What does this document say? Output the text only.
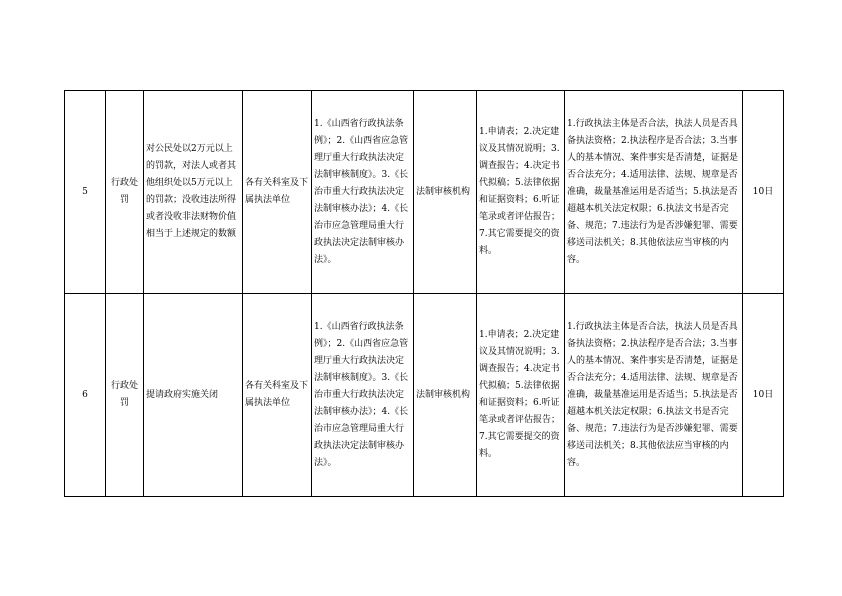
5	行政处罚	对公民处以2万元以上的罚款，对法人或者其他组织处以5万元以上的罚款；没收违法所得或者没收非法财物价值相当于上述规定的数额	各有关科室及下属执法单位	1.《山西省行政执法条例》；2.《山西省应急管理厅重大行政执法决定法制审核制度》。3.《长治市重大行政执法决定法制审核办法》；4.《长治市应急管理局重大行政执法决定法制审核办法》。	法制审核机构	1.申请表；2.决定建议及其情况说明；3.调查报告；4.决定书代拟稿；5.法律依据和证据资料；6.听证笔录或者评估报告；7.其它需要提交的资料。	1.行政执法主体是否合法，执法人员是否具备执法资格；2.执法程序是否合法；3.当事人的基本情况、案件事实是否清楚，证据是否合法充分；4.适用法律、法规、规章是否准确，裁量基准运用是否适当；5.执法是否超越本机关法定权限；6.执法文书是否完备、规范；7.违法行为是否涉嫌犯罪、需要移送司法机关；8.其他依法应当审核的内容。	10日
6	行政处罚	提请政府实施关闭	各有关科室及下属执法单位	1.《山西省行政执法条例》；2.《山西省应急管理厅重大行政执法决定法制审核制度》。3.《长治市重大行政执法决定法制审核办法》；4.《长治市应急管理局重大行政执法决定法制审核办法》。	法制审核机构	1.申请表；2.决定建议及其情况说明；3.调查报告；4.决定书代拟稿；5.法律依据和证据资料；6.听证笔录或者评估报告；7.其它需要提交的资料。	1.行政执法主体是否合法，执法人员是否具备执法资格；2.执法程序是否合法；3.当事人的基本情况、案件事实是否清楚，证据是否合法充分；4.适用法律、法规、规章是否准确，裁量基准运用是否适当；5.执法是否超越本机关法定权限；6.执法文书是否完备、规范；7.违法行为是否涉嫌犯罪、需要移送司法机关；8.其他依法应当审核的内容。	10日
